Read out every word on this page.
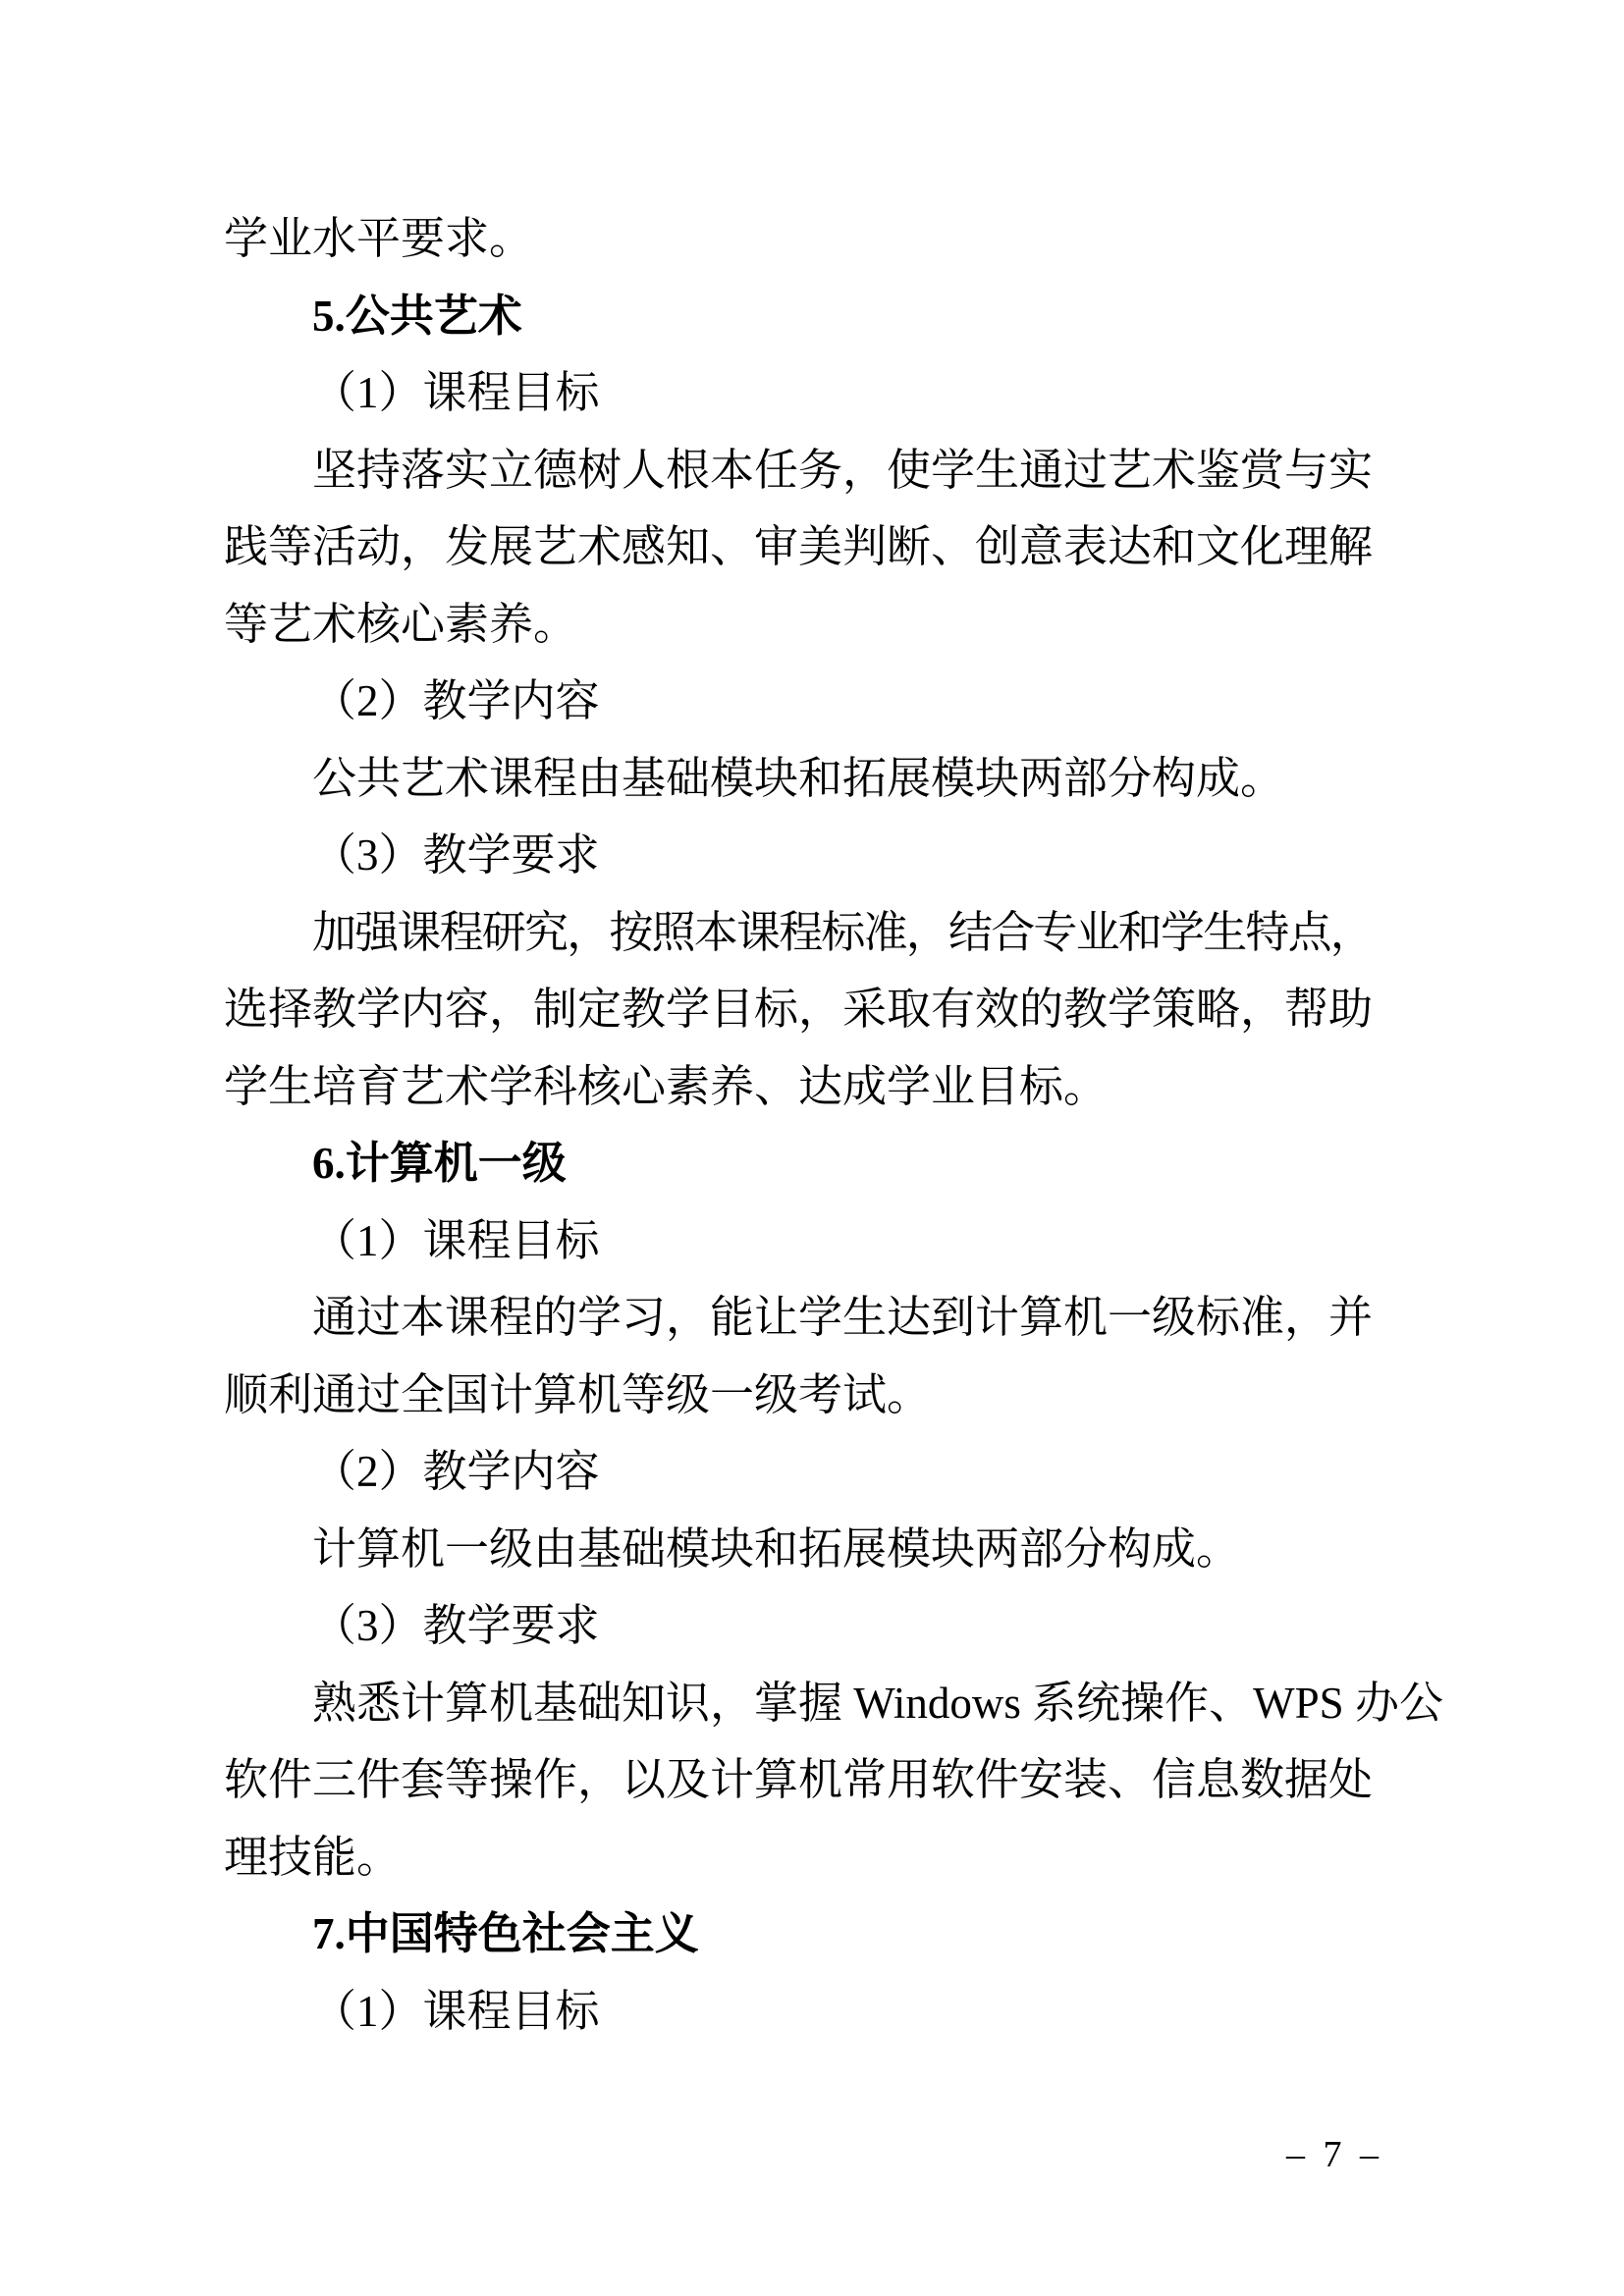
学业水平要求。
5.公共艺术
（1）课程目标
坚持落实立德树人根本任务，使学生通过艺术鉴赏与实
践等活动，发展艺术感知、审美判断、创意表达和文化理解
等艺术核心素养。
（2）教学内容
公共艺术课程由基础模块和拓展模块两部分构成。
（3）教学要求
加强课程研究，按照本课程标准，结合专业和学生特点，
选择教学内容，制定教学目标，采取有效的教学策略，帮助
学生培育艺术学科核心素养、达成学业目标。
6.计算机一级
（1）课程目标
通过本课程的学习，能让学生达到计算机一级标准，并
顺利通过全国计算机等级一级考试。
（2）教学内容
计算机一级由基础模块和拓展模块两部分构成。
（3）教学要求
熟悉计算机基础知识，掌握 Windows 系统操作、WPS 办公
软件三件套等操作，以及计算机常用软件安装、信息数据处
理技能。
7.中国特色社会主义
（1）课程目标
– 7 –
